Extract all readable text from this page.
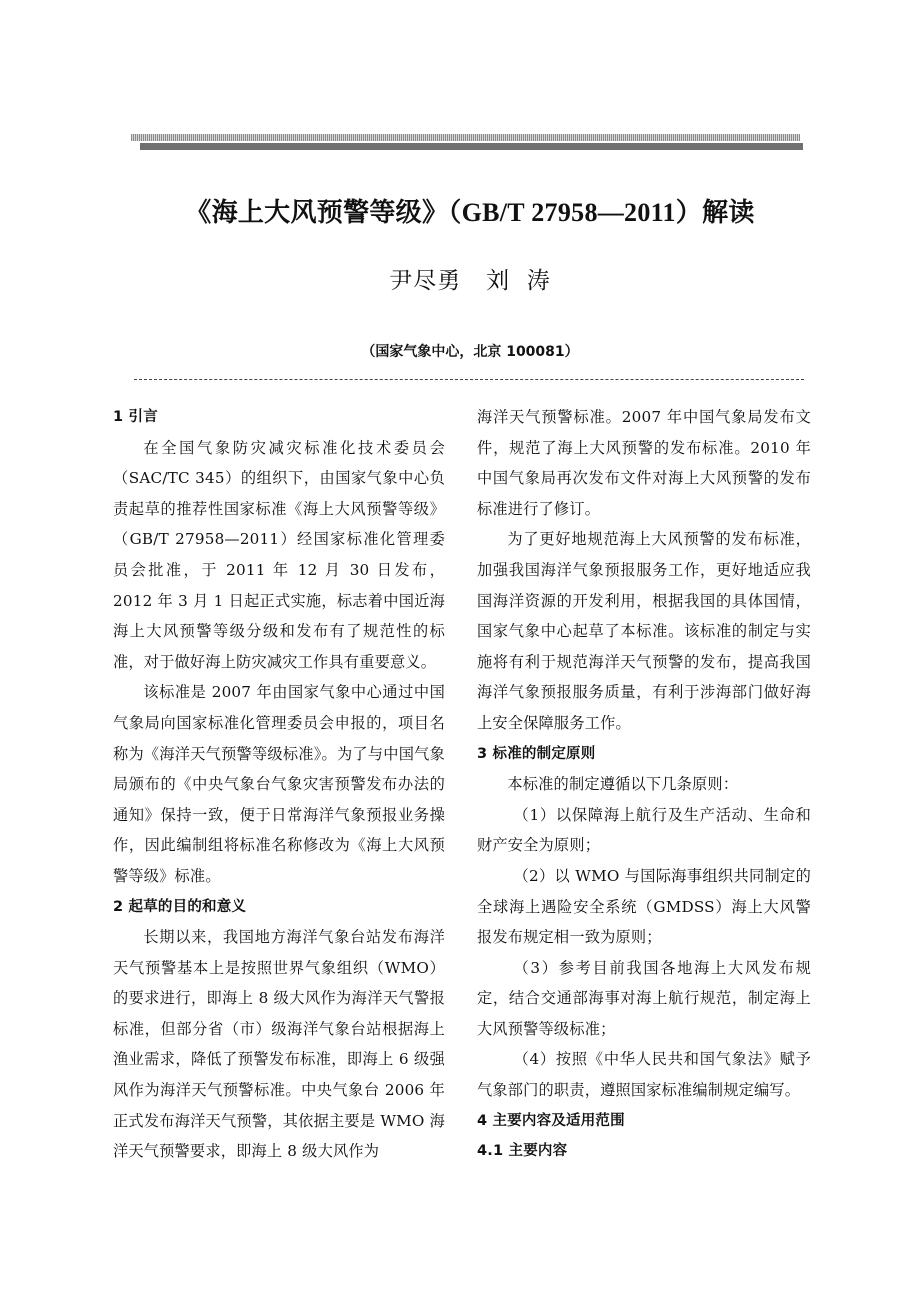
《海上大风预警等级》（GB/T 27958—2011）解读
尹尽勇   刘  涛
（国家气象中心，北京 100081）
1 引言

在全国气象防灾减灾标准化技术委员会（SAC/TC 345）的组织下，由国家气象中心负责起草的推荐性国家标准《海上大风预警等级》（GB/T 27958—2011）经国家标准化管理委员会批准，于 2011 年 12 月 30 日发布，2012 年 3 月 1 日起正式实施，标志着中国近海海上大风预警等级分级和发布有了规范性的标准，对于做好海上防灾减灾工作具有重要意义。

该标准是 2007 年由国家气象中心通过中国气象局向国家标准化管理委员会申报的，项目名称为《海洋天气预警等级标准》。为了与中国气象局颁布的《中央气象台气象灾害预警发布办法的通知》保持一致，便于日常海洋气象预报业务操作，因此编制组将标准名称修改为《海上大风预警等级》标准。

2 起草的目的和意义

长期以来，我国地方海洋气象台站发布海洋天气预警基本上是按照世界气象组织（WMO）的要求进行，即海上 8 级大风作为海洋天气警报标准，但部分省（市）级海洋气象台站根据海上渔业需求，降低了预警发布标准，即海上 6 级强风作为海洋天气预警标准。中央气象台 2006 年正式发布海洋天气预警，其依据主要是 WMO 海洋天气预警要求，即海上 8 级大风作为

海洋天气预警标准。2007 年中国气象局发布文件，规范了海上大风预警的发布标准。2010 年中国气象局再次发布文件对海上大风预警的发布标准进行了修订。

为了更好地规范海上大风预警的发布标准，加强我国海洋气象预报服务工作，更好地适应我国海洋资源的开发利用，根据我国的具体国情，国家气象中心起草了本标准。该标准的制定与实施将有利于规范海洋天气预警的发布，提高我国海洋气象预报服务质量，有利于涉海部门做好海上安全保障服务工作。

3 标准的制定原则

本标准的制定遵循以下几条原则：

（1）以保障海上航行及生产活动、生命和财产安全为原则；

（2）以 WMO 与国际海事组织共同制定的全球海上遇险安全系统（GMDSS）海上大风警报发布规定相一致为原则；

（3）参考目前我国各地海上大风发布规定，结合交通部海事对海上航行规范，制定海上大风预警等级标准；

（4）按照《中华人民共和国气象法》赋予气象部门的职责，遵照国家标准编制规定编写。

4 主要内容及适用范围
4.1 主要内容
